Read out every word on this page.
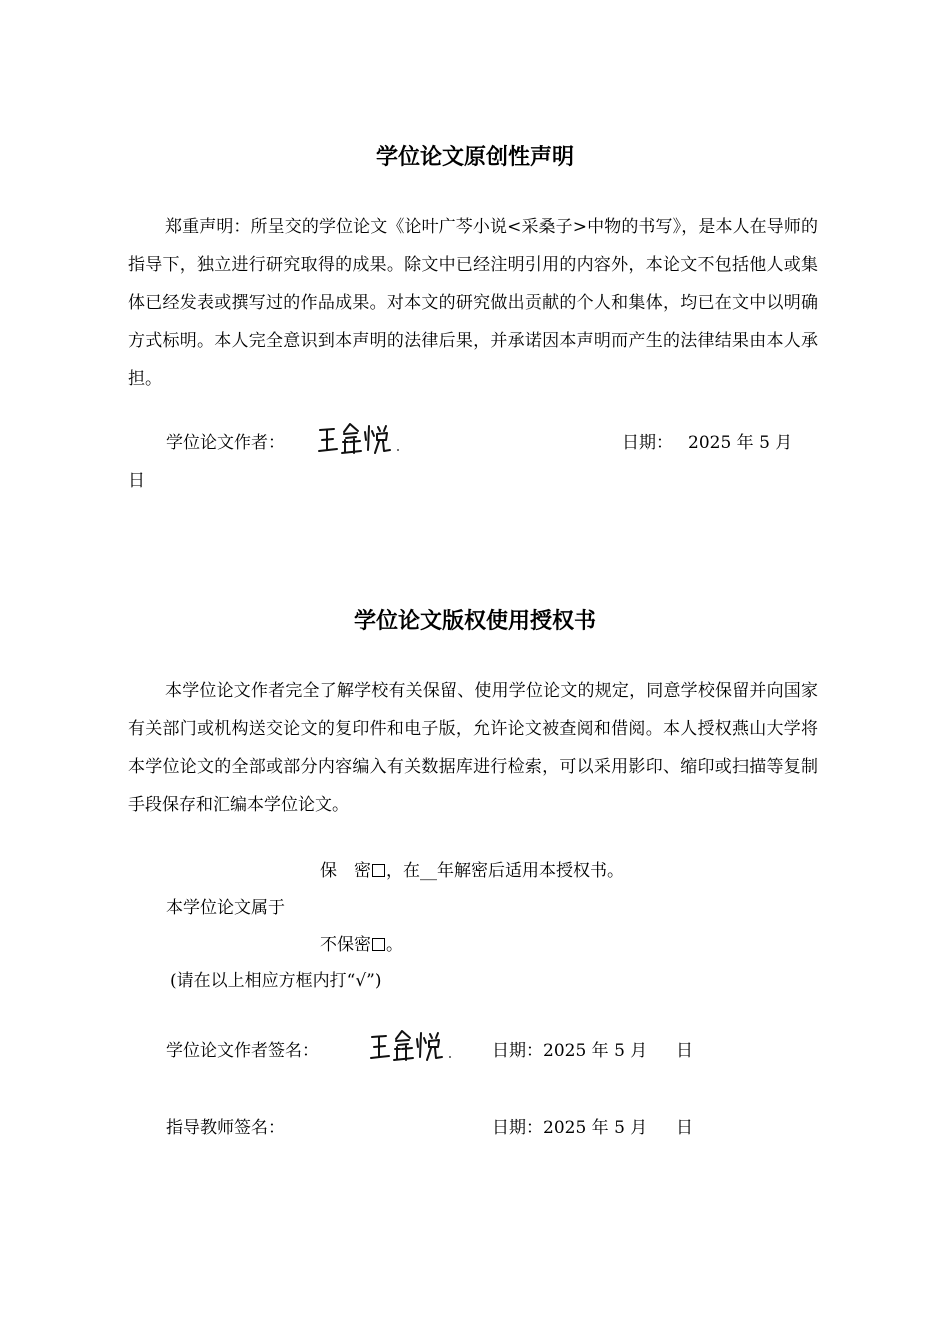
学位论文原创性声明

郑重声明：所呈交的学位论文《论叶广芩小说<采桑子>中物的书写》，是本人在导师的指导下，独立进行研究取得的成果。除文中已经注明引用的内容外，本论文不包括他人或集体已经发表或撰写过的作品成果。对本文的研究做出贡献的个人和集体，均已在文中以明确方式标明。本人完全意识到本声明的法律后果，并承诺因本声明而产生的法律结果由本人承担。

学位论文作者：	日期： 2025 年 5 月
日
学位论文版权使用授权书

本学位论文作者完全了解学校有关保留、使用学位论文的规定，同意学校保留并向国家有关部门或机构送交论文的复印件和电子版，允许论文被查阅和借阅。本人授权燕山大学将本学位论文的全部或部分内容编入有关数据库进行检索，可以采用影印、缩印或扫描等复制手段保存和汇编本学位论文。

保　密 ，在__年解密后适用本授权书。
本学位论文属于
不保密 。
(请在以上相应方框内打“√”)
学位论文作者签名：	日期：2025 年 5 月 日
指导教师签名：	日期：2025 年 5 月 日
